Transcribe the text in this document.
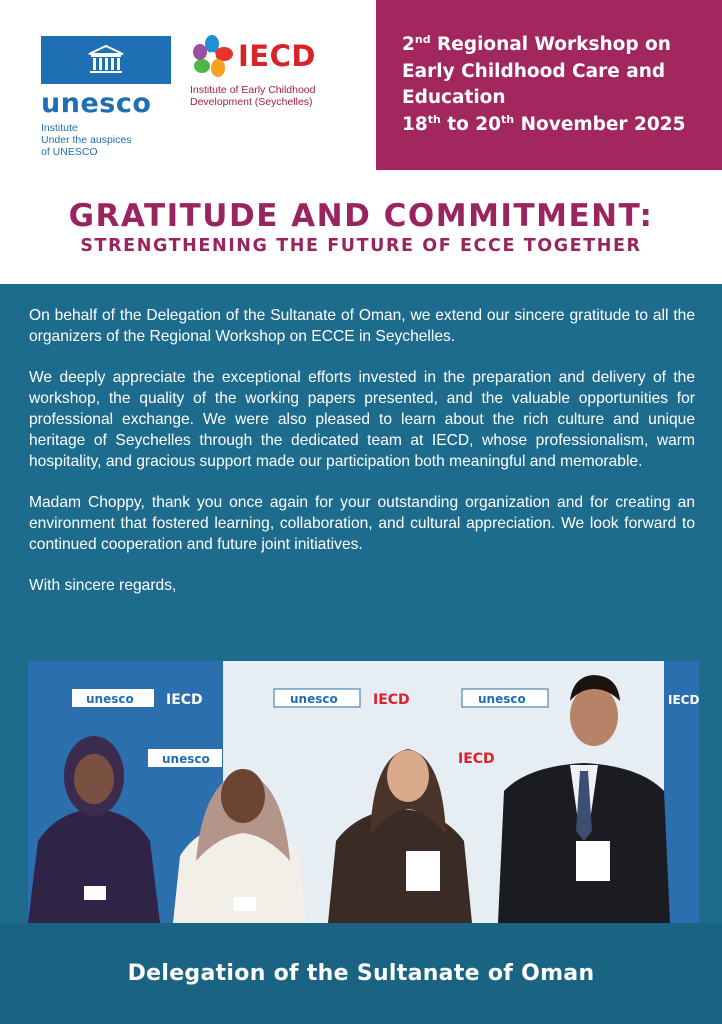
unesco
Institute
Under the auspices
of UNESCO
IECD
Institute of Early Childhood
Development (Seychelles)
2nd Regional Workshop on
Early Childhood Care and
Education
18th to 20th November 2025
GRATITUDE AND COMMITMENT:
STRENGTHENING THE FUTURE OF ECCE TOGETHER

On behalf of the Delegation of the Sultanate of Oman, we extend our sincere gratitude to all the organizers of the Regional Workshop on ECCE in Seychelles.

We deeply appreciate the exceptional efforts invested in the preparation and delivery of the workshop, the quality of the working papers presented, and the valuable opportunities for professional exchange. We were also pleased to learn about the rich culture and unique heritage of Seychelles through the dedicated team at IECD, whose professionalism, warm hospitality, and gracious support made our participation both meaningful and memorable.

Madam Choppy, thank you once again for your outstanding organization and for creating an environment that fostered learning, collaboration, and cultural appreciation. We look forward to continued cooperation and future joint initiatives.

With sincere regards,

unesco IECD
unesco
unesco	IECD
IECD
unesco	IECD
Delegation of the Sultanate of Oman
